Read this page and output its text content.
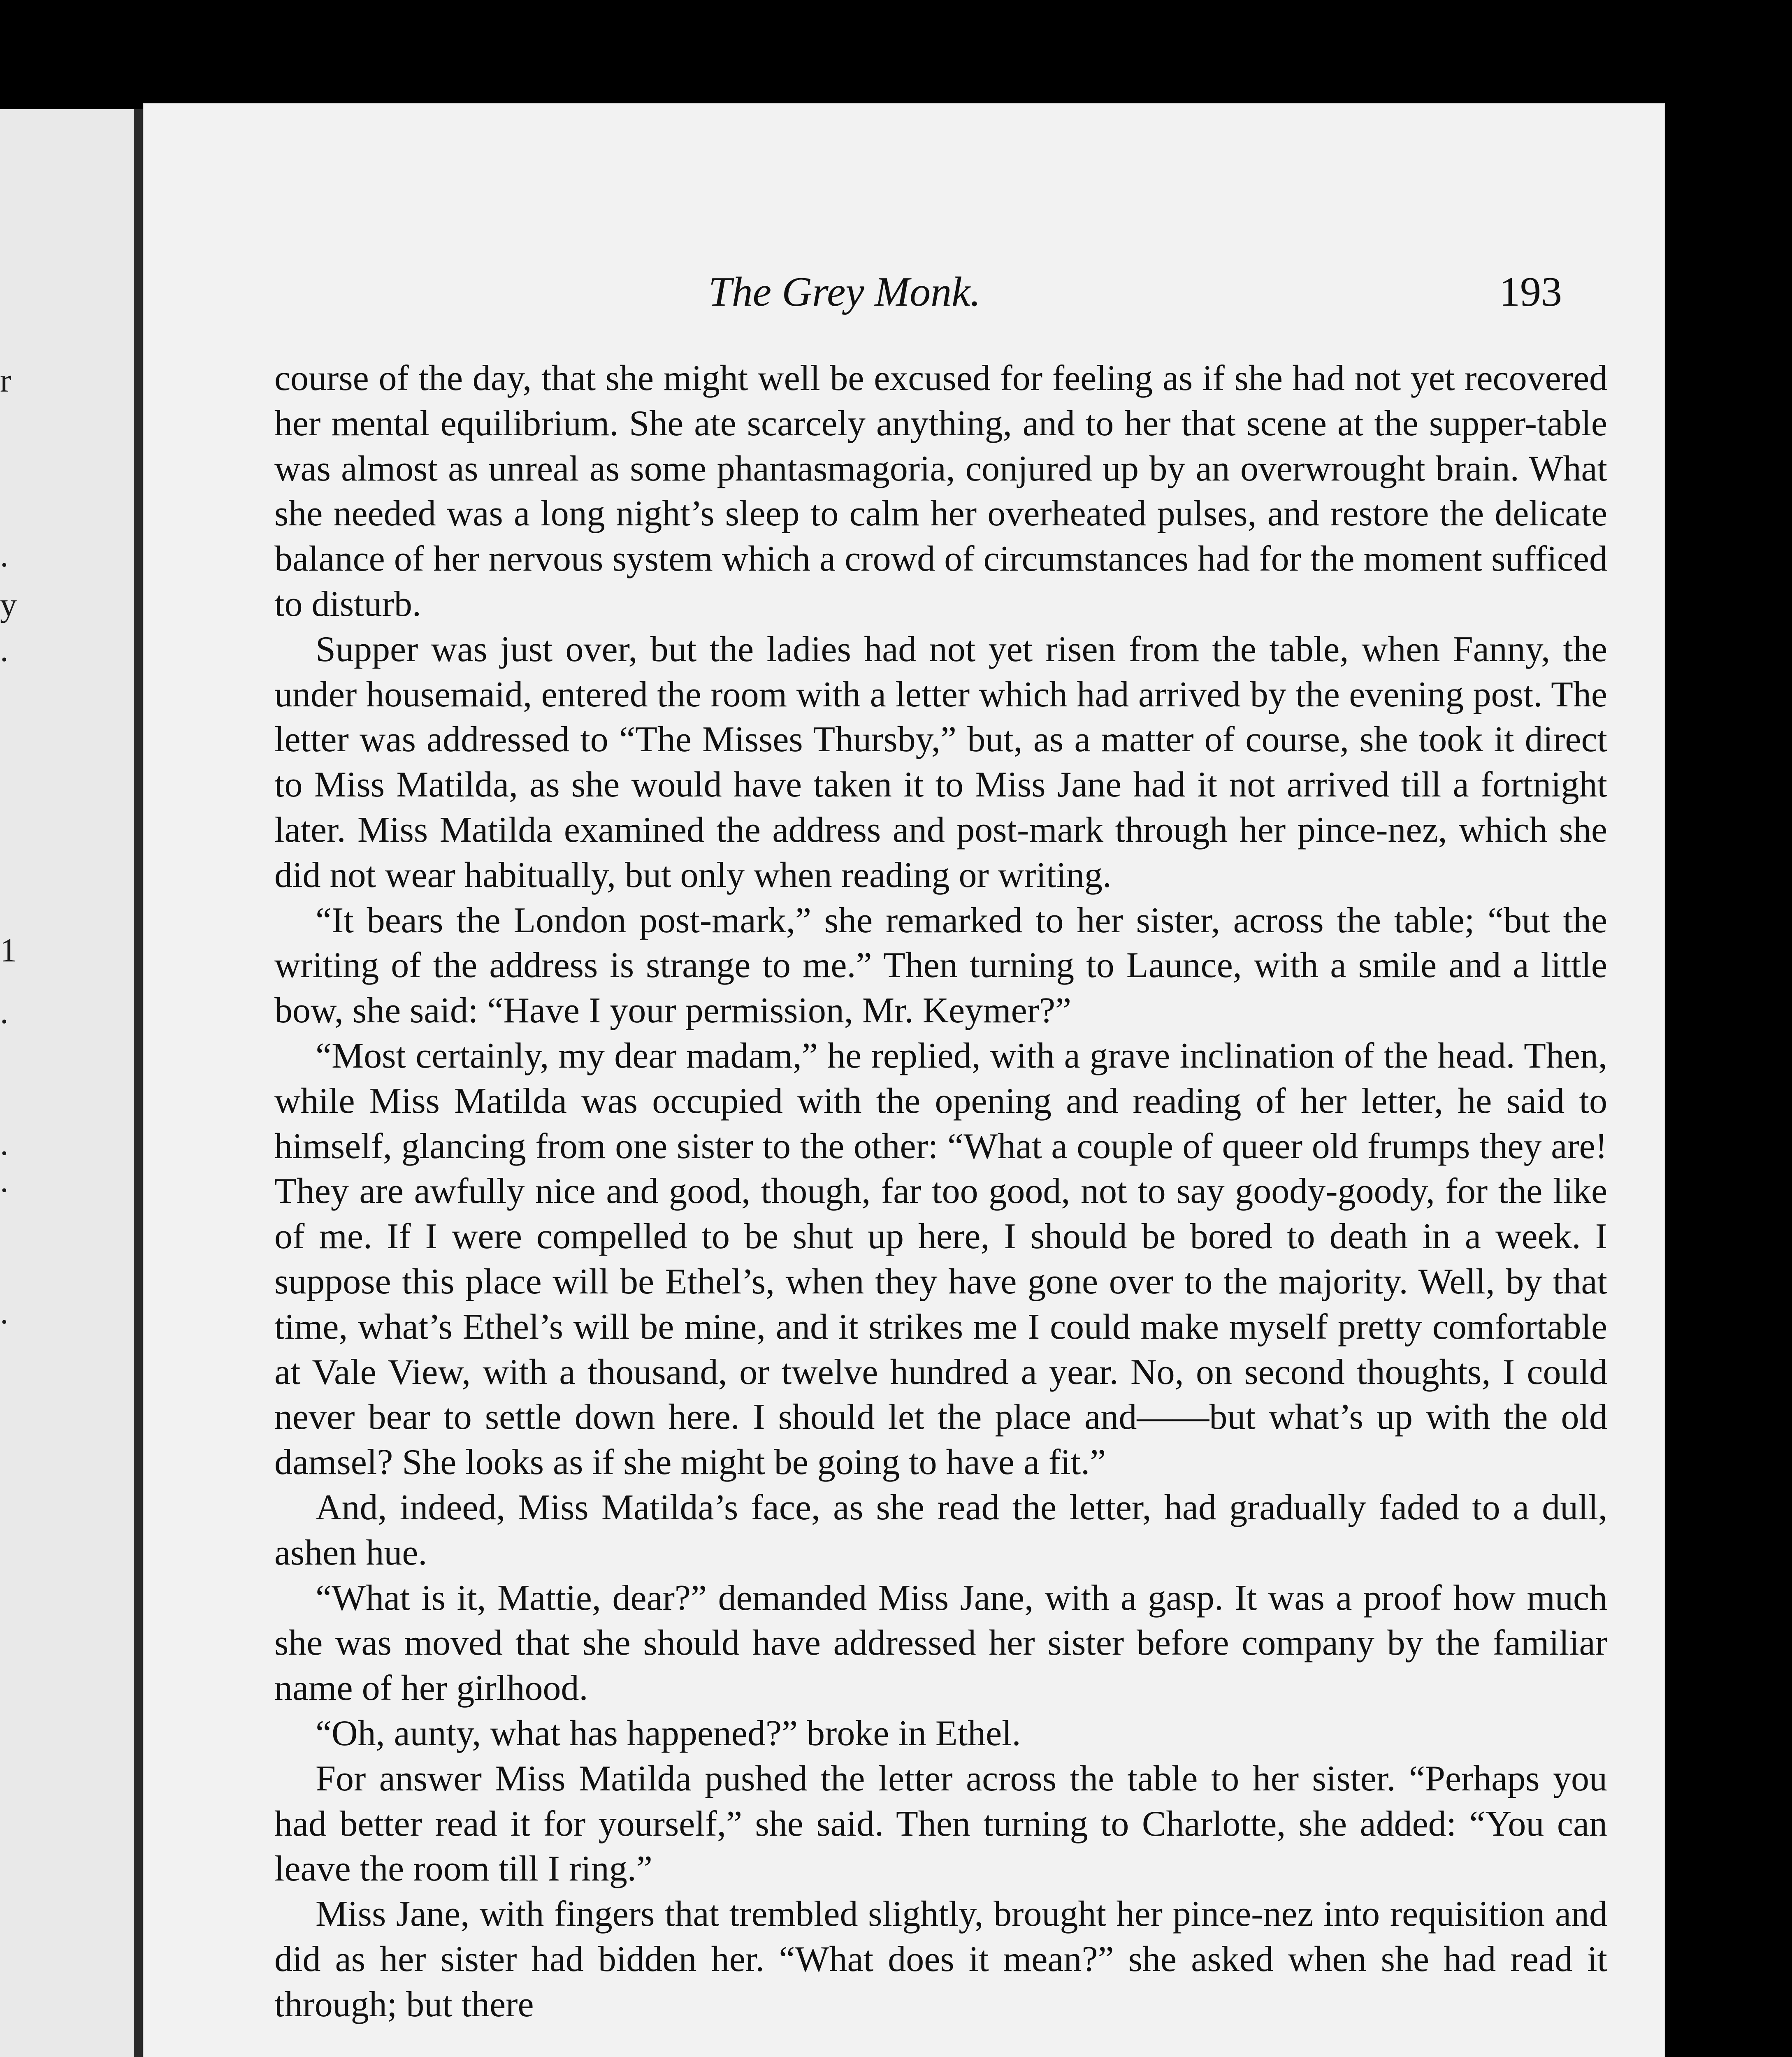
r
.
y
.
1
.
.
.
.
The Grey Monk.	193

course of the day, that she might well be excused for feeling as if she had not yet recovered her mental equilibrium. She ate scarcely anything, and to her that scene at the supper-table was almost as unreal as some phantasmagoria, conjured up by an overwrought brain. What she needed was a long night’s sleep to calm her overheated pulses, and restore the delicate balance of her nervous system which a crowd of circumstances had for the moment sufficed to disturb.

Supper was just over, but the ladies had not yet risen from the table, when Fanny, the under housemaid, entered the room with a letter which had arrived by the evening post. The letter was addressed to “The Misses Thursby,” but, as a matter of course, she took it direct to Miss Matilda, as she would have taken it to Miss Jane had it not arrived till a fortnight later. Miss Matilda examined the address and post-mark through her pince-nez, which she did not wear habitually, but only when reading or writing.

“It bears the London post-mark,” she remarked to her sister, across the table; “but the writing of the address is strange to me.” Then turning to Launce, with a smile and a little bow, she said: “Have I your permission, Mr. Keymer?”

“Most certainly, my dear madam,” he replied, with a grave inclination of the head. Then, while Miss Matilda was occupied with the opening and reading of her letter, he said to himself, glancing from one sister to the other: “What a couple of queer old frumps they are! They are awfully nice and good, though, far too good, not to say goody-goody, for the like of me. If I were compelled to be shut up here, I should be bored to death in a week. I suppose this place will be Ethel’s, when they have gone over to the majority. Well, by that time, what’s Ethel’s will be mine, and it strikes me I could make myself pretty comfortable at Vale View, with a thousand, or twelve hundred a year. No, on second thoughts, I could never bear to settle down here. I should let the place and——but what’s up with the old damsel? She looks as if she might be going to have a fit.”

And, indeed, Miss Matilda’s face, as she read the letter, had gradually faded to a dull, ashen hue.

“What is it, Mattie, dear?” demanded Miss Jane, with a gasp. It was a proof how much she was moved that she should have addressed her sister before company by the familiar name of her girlhood.

“Oh, aunty, what has happened?” broke in Ethel.

For answer Miss Matilda pushed the letter across the table to her sister. “Perhaps you had better read it for yourself,” she said. Then turning to Charlotte, she added: “You can leave the room till I ring.”

Miss Jane, with fingers that trembled slightly, brought her pince-nez into requisition and did as her sister had bidden her. “What does it mean?” she asked when she had read it through; but there
